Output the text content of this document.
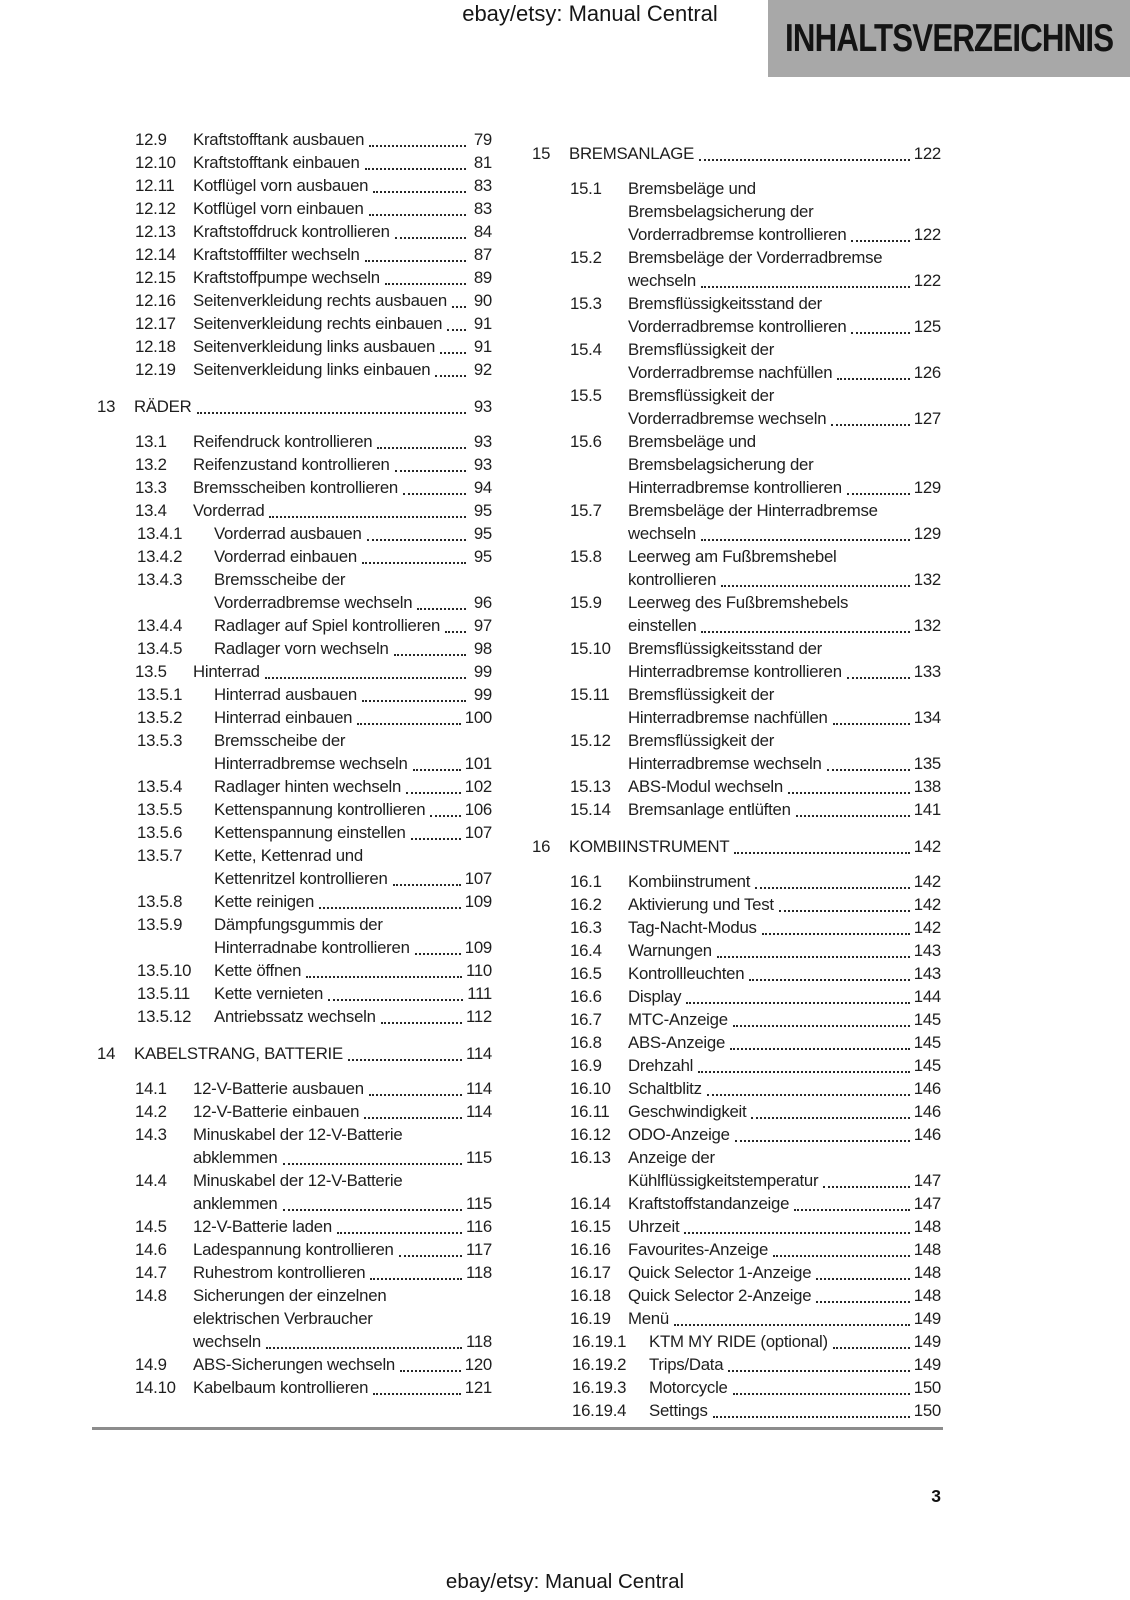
ebay/etsy: Manual Central
INHALTSVERZEICHNIS
12.9	Kraftstofftank ausbauen	79
12.10	Kraftstofftank einbauen	81
12.11	Kotflügel vorn ausbauen	83
12.12	Kotflügel vorn einbauen	83
12.13	Kraftstoffdruck kontrollieren	84
12.14	Kraftstofffilter wechseln	87
12.15	Kraftstoffpumpe wechseln	89
12.16	Seitenverkleidung rechts ausbauen 90
12.17	Seitenverkleidung rechts einbauen 91
12.18	Seitenverkleidung links ausbauen 91
12.19	Seitenverkleidung links einbauen	92
13	RÄDER	93
13.1	Reifendruck kontrollieren	93
13.2	Reifenzustand kontrollieren	93
13.3	Bremsscheiben kontrollieren	94
13.4	Vorderrad	95
13.4.1	Vorderrad ausbauen	95
13.4.2	Vorderrad einbauen	95
13.4.3	Bremsscheibe der
Vorderradbremse wechseln	96
13.4.4	Radlager auf Spiel kontrollieren 97
13.4.5	Radlager vorn wechseln	98
13.5	Hinterrad	99
13.5.1	Hinterrad ausbauen	99
13.5.2	Hinterrad einbauen	100
13.5.3	Bremsscheibe der
Hinterradbremse wechseln	101
13.5.4	Radlager hinten wechseln	102
13.5.5	Kettenspannung kontrollieren 106
13.5.6	Kettenspannung einstellen	107
13.5.7	Kette, Kettenrad und
Kettenritzel kontrollieren	107
13.5.8	Kette reinigen	109
13.5.9	Dämpfungsgummis der
Hinterradnabe kontrollieren	109
13.5.10	Kette öffnen	110
13.5.11	Kette vernieten	111
13.5.12	Antriebssatz wechseln	112
14	KABELSTRANG, BATTERIE	114
14.1	12-V-Batterie ausbauen	114
14.2	12-V-Batterie einbauen	114
14.3	Minuskabel der 12-V-Batterie
abklemmen	115
14.4	Minuskabel der 12-V-Batterie
anklemmen	115
14.5	12-V-Batterie laden	116
14.6	Ladespannung kontrollieren	117
14.7	Ruhestrom kontrollieren	118
14.8	Sicherungen der einzelnen
elektrischen Verbraucher
wechseln	118
14.9	ABS-Sicherungen wechseln	120
14.10	Kabelbaum kontrollieren	121
15	BREMSANLAGE	122
15.1	Bremsbeläge und
Bremsbelagsicherung der
Vorderradbremse kontrollieren	122
15.2	Bremsbeläge der Vorderradbremse
wechseln	122
15.3	Bremsflüssigkeitsstand der
Vorderradbremse kontrollieren	125
15.4	Bremsflüssigkeit der
Vorderradbremse nachfüllen	126
15.5	Bremsflüssigkeit der
Vorderradbremse wechseln	127
15.6	Bremsbeläge und
Bremsbelagsicherung der
Hinterradbremse kontrollieren	129
15.7	Bremsbeläge der Hinterradbremse
wechseln	129
15.8	Leerweg am Fußbremshebel
kontrollieren	132
15.9	Leerweg des Fußbremshebels
einstellen	132
15.10	Bremsflüssigkeitsstand der
Hinterradbremse kontrollieren	133
15.11	Bremsflüssigkeit der
Hinterradbremse nachfüllen	134
15.12	Bremsflüssigkeit der
Hinterradbremse wechseln	135
15.13	ABS-Modul wechseln	138
15.14	Bremsanlage entlüften	141
16	KOMBIINSTRUMENT	142
16.1	Kombiinstrument	142
16.2	Aktivierung und Test	142
16.3	Tag-Nacht-Modus	142
16.4	Warnungen	143
16.5	Kontrollleuchten	143
16.6	Display	144
16.7	MTC-Anzeige	145
16.8	ABS-Anzeige	145
16.9	Drehzahl	145
16.10	Schaltblitz	146
16.11	Geschwindigkeit	146
16.12	ODO-Anzeige	146
16.13	Anzeige der
Kühlflüssigkeitstemperatur	147
16.14	Kraftstoffstandanzeige	147
16.15	Uhrzeit	148
16.16	Favourites-Anzeige	148
16.17	Quick Selector 1-Anzeige	148
16.18	Quick Selector 2-Anzeige	148
16.19	Menü	149
16.19.1	KTM MY RIDE (optional)	149
16.19.2	Trips/Data	149
16.19.3	Motorcycle	150
16.19.4	Settings	150
3
ebay/etsy: Manual Central
